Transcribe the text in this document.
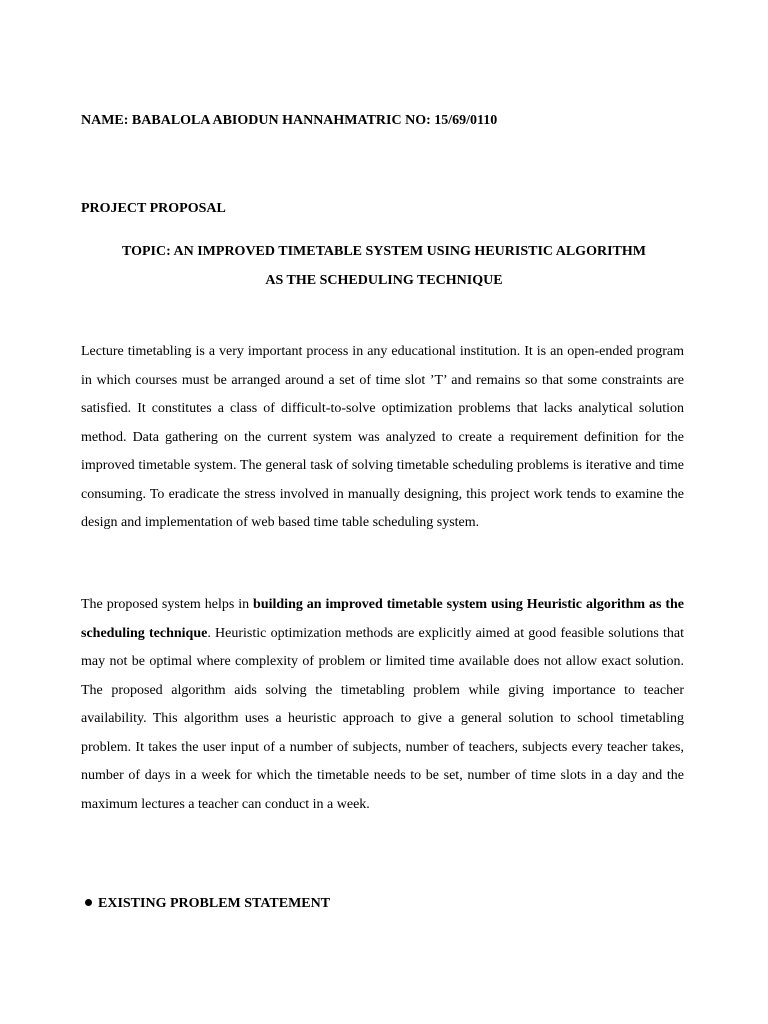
NAME: BABALOLA ABIODUN HANNAHMATRIC NO: 15/69/0110
PROJECT PROPOSAL
TOPIC: AN IMPROVED TIMETABLE SYSTEM USING HEURISTIC ALGORITHM
AS THE SCHEDULING TECHNIQUE

Lecture timetabling is a very important process in any educational institution. It is an open-ended program in which courses must be arranged around a set of time slot ’T’ and remains so that some constraints are satisfied. It constitutes a class of difficult-to-solve optimization problems that lacks analytical solution method. Data gathering on the current system was analyzed to create a requirement definition for the improved timetable system. The general task of solving timetable scheduling problems is iterative and time consuming. To eradicate the stress involved in manually designing, this project work tends to examine the design and implementation of web based time table scheduling system.

The proposed system helps in building an improved timetable system using Heuristic algorithm as the scheduling technique. Heuristic optimization methods are explicitly aimed at good feasible solutions that may not be optimal where complexity of problem or limited time available does not allow exact solution. The proposed algorithm aids solving the timetabling problem while giving importance to teacher availability. This algorithm uses a heuristic approach to give a general solution to school timetabling problem. It takes the user input of a number of subjects, number of teachers, subjects every teacher takes, number of days in a week for which the timetable needs to be set, number of time slots in a day and the maximum lectures a teacher can conduct in a week.

EXISTING PROBLEM STATEMENT
